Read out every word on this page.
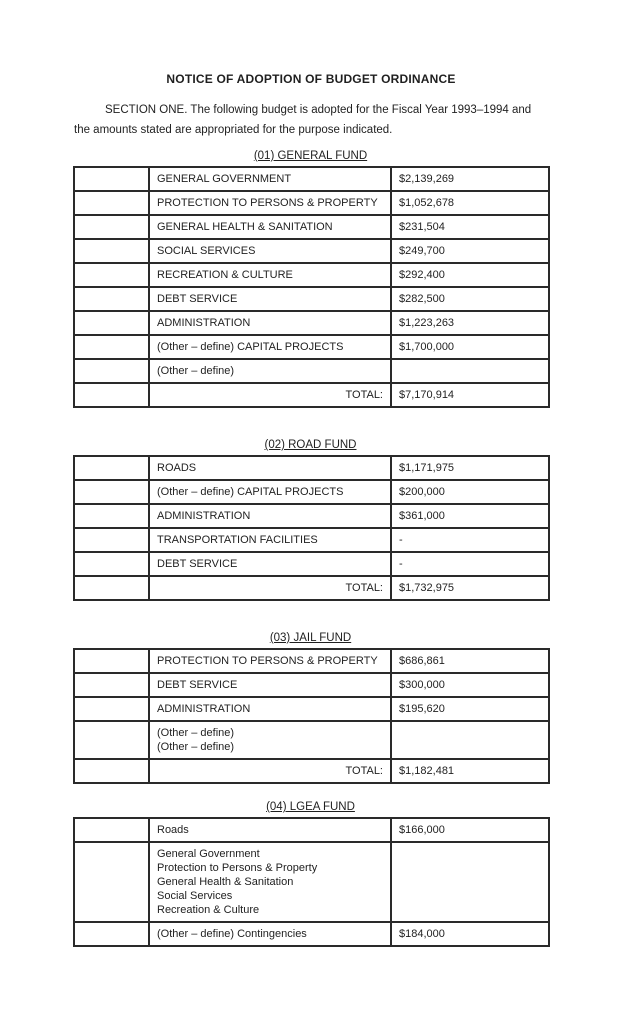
NOTICE OF ADOPTION OF BUDGET ORDINANCE

SECTION ONE. The following budget is adopted for the Fiscal Year 1993–1994 and the amounts stated are appropriated for the purpose indicated.

(01) GENERAL FUND
	GENERAL GOVERNMENT	$2,139,269
	PROTECTION TO PERSONS & PROPERTY	$1,052,678
	GENERAL HEALTH & SANITATION	$231,504
	SOCIAL SERVICES	$249,700
	RECREATION & CULTURE	$292,400
	DEBT SERVICE	$282,500
	ADMINISTRATION	$1,223,263
	(Other – define) CAPITAL PROJECTS	$1,700,000
	(Other – define)	
	TOTAL:	$7,170,914
(02) ROAD FUND
	ROADS	$1,171,975
	(Other – define) CAPITAL PROJECTS	$200,000
	ADMINISTRATION	$361,000
	TRANSPORTATION FACILITIES	-
	DEBT SERVICE	-
	TOTAL:	$1,732,975
(03) JAIL FUND
	PROTECTION TO PERSONS & PROPERTY	$686,861
	DEBT SERVICE	$300,000
	ADMINISTRATION	$195,620

	(Other – define)
(Other – define)	

	TOTAL:	$1,182,481
(04) LGEA FUND
	Roads	$166,000

	General Government
Protection to Persons & Property
General Health & Sanitation
Social Services
Recreation & Culture	

	(Other – define) Contingencies	$184,000
